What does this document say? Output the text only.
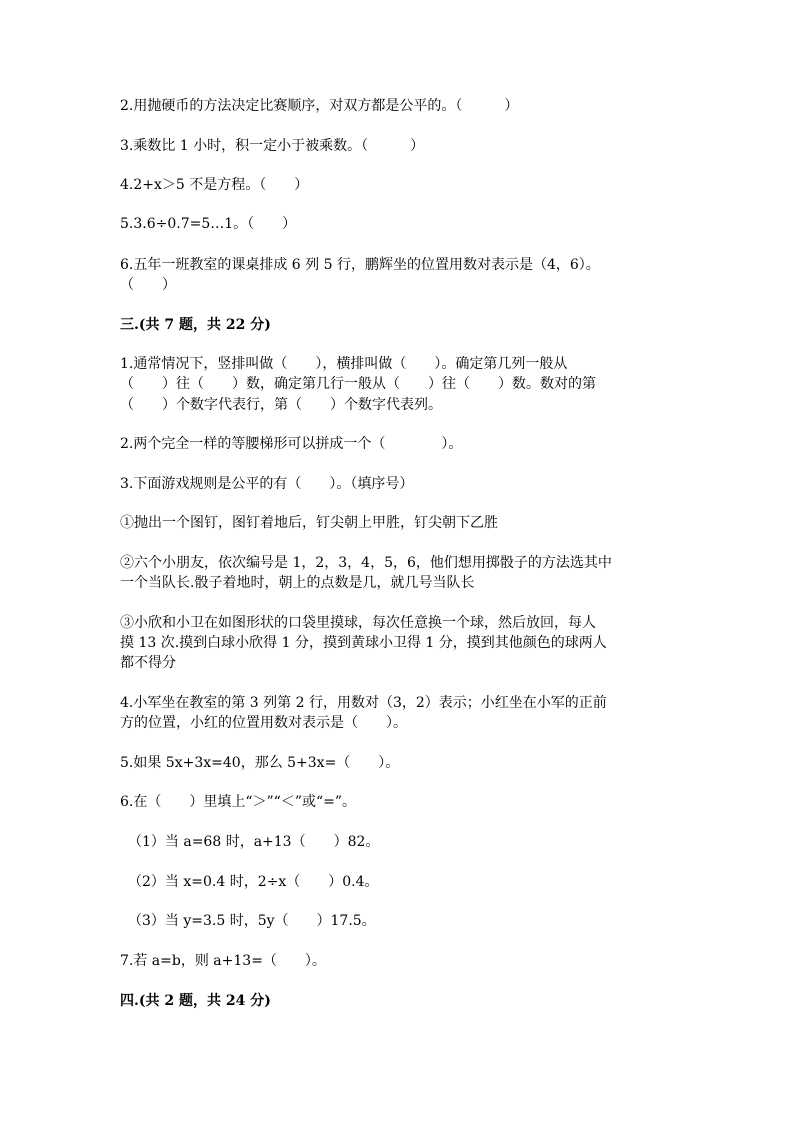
2.用抛硬币的方法决定比赛顺序，对双方都是公平的。（　　　）
3.乘数比 1 小时，积一定小于被乘数。（　　　）
4.2+x＞5 不是方程。（　　）
5.3.6÷0.7=5…1。（　　）
6.五年一班教室的课桌排成 6 列 5 行，鹏辉坐的位置用数对表示是（4，6）。
（　　）
三.(共 7 题，共 22 分)
1.通常情况下，竖排叫做（　　），横排叫做（　　）。确定第几列一般从
（　　）往（　　）数，确定第几行一般从（　　）往（　　）数。数对的第
（　　）个数字代表行，第（　　）个数字代表列。
2.两个完全一样的等腰梯形可以拼成一个（　　　　）。
3.下面游戏规则是公平的有（　　）。（填序号）
①抛出一个图钉，图钉着地后，钉尖朝上甲胜，钉尖朝下乙胜
②六个小朋友，依次编号是 1，2，3，4，5，6，他们想用掷骰子的方法选其中
一个当队长.骰子着地时，朝上的点数是几，就几号当队长
③小欣和小卫在如图形状的口袋里摸球，每次任意换一个球，然后放回，每人
摸 13 次.摸到白球小欣得 1 分，摸到黄球小卫得 1 分，摸到其他颜色的球两人
都不得分
4.小军坐在教室的第 3 列第 2 行，用数对（3，2）表示；小红坐在小军的正前
方的位置，小红的位置用数对表示是（　　）。
5.如果 5x+3x=40，那么 5+3x=（　　）。
6.在（　　）里填上“＞”“＜”或“=”。
（1）当 a=68 时，a+13（　　）82。
（2）当 x=0.4 时，2÷x（　　）0.4。
（3）当 y=3.5 时，5y（　　）17.5。
7.若 a=b，则 a+13=（　　）。
四.(共 2 题，共 24 分)
